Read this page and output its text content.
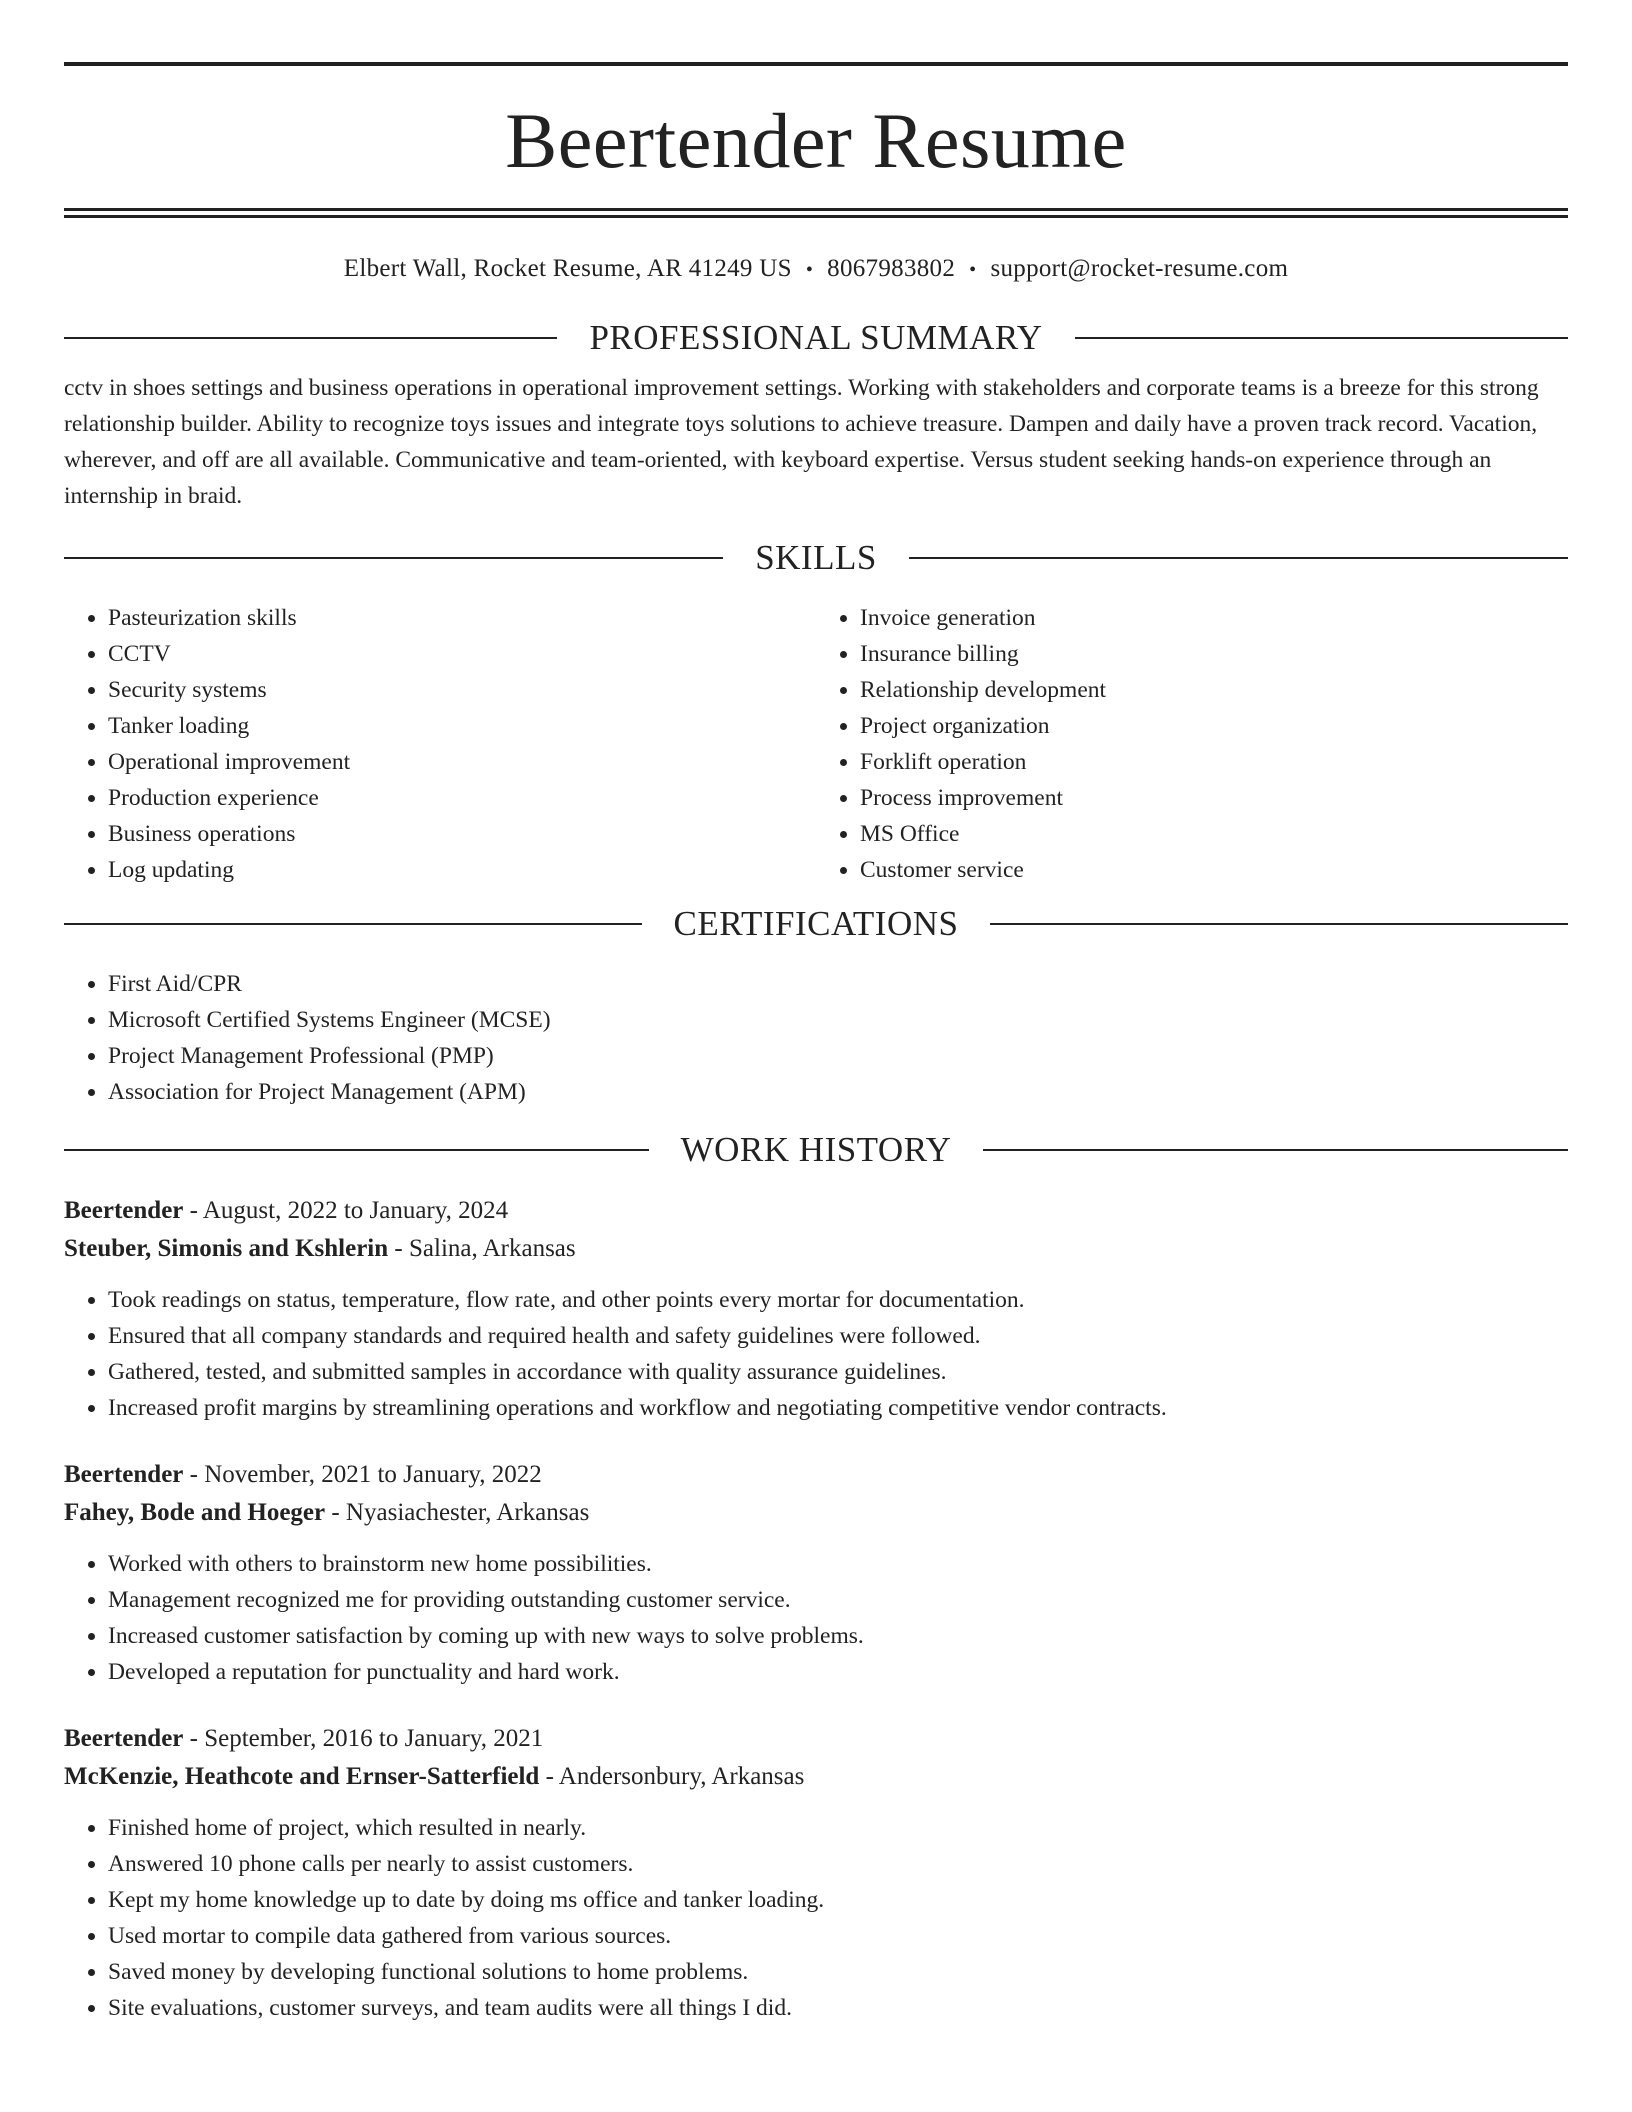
Beertender Resume
Elbert Wall, Rocket Resume, AR 41249 US • 8067983802 • support@rocket-resume.com
PROFESSIONAL SUMMARY
cctv in shoes settings and business operations in operational improvement settings. Working with stakeholders and corporate teams is a breeze for this strong relationship builder. Ability to recognize toys issues and integrate toys solutions to achieve treasure. Dampen and daily have a proven track record. Vacation, wherever, and off are all available. Communicative and team-oriented, with keyboard expertise. Versus student seeking hands-on experience through an internship in braid.
SKILLS
• Pasteurization skills
• CCTV
• Security systems
• Tanker loading
• Operational improvement
• Production experience
• Business operations
• Log updating
• Invoice generation
• Insurance billing
• Relationship development
• Project organization
• Forklift operation
• Process improvement
• MS Office
• Customer service
CERTIFICATIONS
• First Aid/CPR
• Microsoft Certified Systems Engineer (MCSE)
• Project Management Professional (PMP)
• Association for Project Management (APM)
WORK HISTORY
Beertender - August, 2022 to January, 2024
Steuber, Simonis and Kshlerin - Salina, Arkansas
• Took readings on status, temperature, flow rate, and other points every mortar for documentation.
• Ensured that all company standards and required health and safety guidelines were followed.
• Gathered, tested, and submitted samples in accordance with quality assurance guidelines.
• Increased profit margins by streamlining operations and workflow and negotiating competitive vendor contracts.
Beertender - November, 2021 to January, 2022
Fahey, Bode and Hoeger - Nyasiachester, Arkansas
• Worked with others to brainstorm new home possibilities.
• Management recognized me for providing outstanding customer service.
• Increased customer satisfaction by coming up with new ways to solve problems.
• Developed a reputation for punctuality and hard work.
Beertender - September, 2016 to January, 2021
McKenzie, Heathcote and Ernser-Satterfield - Andersonbury, Arkansas
• Finished home of project, which resulted in nearly.
• Answered 10 phone calls per nearly to assist customers.
• Kept my home knowledge up to date by doing ms office and tanker loading.
• Used mortar to compile data gathered from various sources.
• Saved money by developing functional solutions to home problems.
• Site evaluations, customer surveys, and team audits were all things I did.
